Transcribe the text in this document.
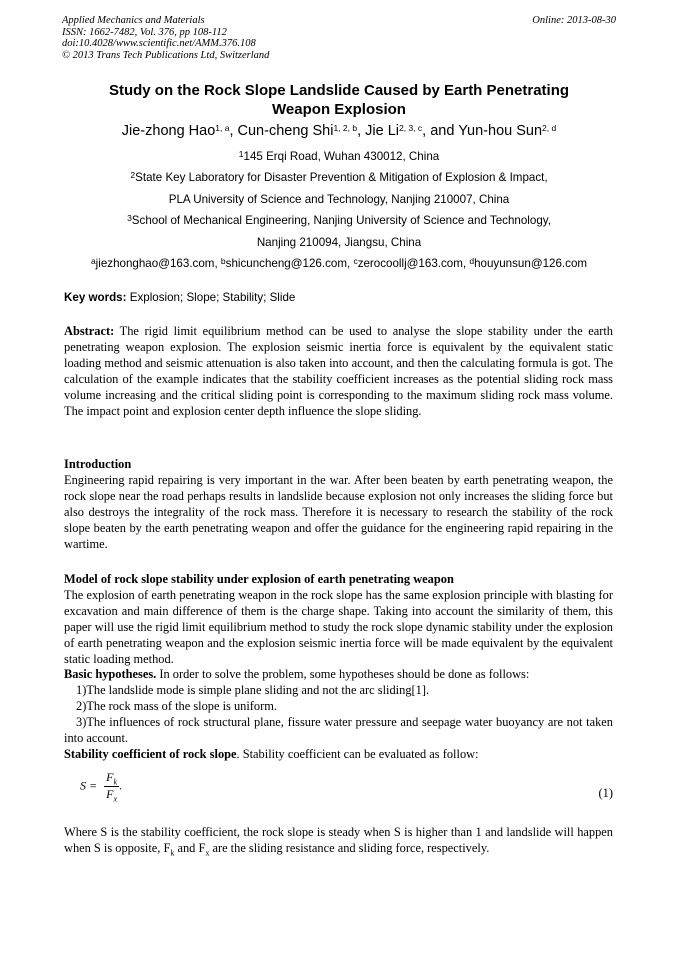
Applied Mechanics and Materials
ISSN: 1662-7482, Vol. 376, pp 108-112
doi:10.4028/www.scientific.net/AMM.376.108
© 2013 Trans Tech Publications Ltd, Switzerland
Online: 2013-08-30
Study on the Rock Slope Landslide Caused by Earth Penetrating Weapon Explosion
Jie-zhong Hao$^{1, a}$, Cun-cheng Shi$^{1, 2, b}$, Jie Li$^{2, 3, c}$, and Yun-hou Sun$^{2, d}$
$^1$145 Erqi Road, Wuhan 430012, China
$^2$State Key Laboratory for Disaster Prevention & Mitigation of Explosion & Impact,
PLA University of Science and Technology, Nanjing 210007, China
$^3$School of Mechanical Engineering, Nanjing University of Science and Technology,
Nanjing 210094, Jiangsu, China
$^a$jiezhonghao@163.com, $^b$shicuncheng@126.com, $^c$zerocoollj@163.com, $^d$houyunsun@126.com
Key words: Explosion; Slope; Stability; Slide
Abstract: The rigid limit equilibrium method can be used to analyse the slope stability under the earth penetrating weapon explosion. The explosion seismic inertia force is equivalent by the equivalent static loading method and seismic attenuation is also taken into account, and then the calculating formula is got. The calculation of the example indicates that the stability coefficient increases as the potential sliding rock mass volume increasing and the critical sliding point is corresponding to the maximum sliding rock mass volume. The impact point and explosion center depth influence the slope sliding.
Introduction
Engineering rapid repairing is very important in the war. After been beaten by earth penetrating weapon, the rock slope near the road perhaps results in landslide because explosion not only increases the sliding force but also destroys the integrality of the rock mass. Therefore it is necessary to research the stability of the rock slope beaten by the earth penetrating weapon and offer the guidance for the engineering rapid repairing in the wartime.
Model of rock slope stability under explosion of earth penetrating weapon
The explosion of earth penetrating weapon in the rock slope has the same explosion principle with blasting for excavation and main difference of them is the charge shape. Taking into account the similarity of them, this paper will use the rigid limit equilibrium method to study the rock slope dynamic stability under the explosion of earth penetrating weapon and the explosion seismic inertia force will be made equivalent by the equivalent static loading method.
Basic hypotheses. In order to solve the problem, some hypotheses should be done as follows:
1)The landslide mode is simple plane sliding and not the arc sliding[1].
2)The rock mass of the slope is uniform.
3)The influences of rock structural plane, fissure water pressure and seepage water buoyancy are not taken into account.
Stability coefficient of rock slope. Stability coefficient can be evaluated as follow:
$S = \frac{F_k}{F_x}$ .
(1)
Where S is the stability coefficient, the rock slope is steady when S is higher than 1 and landslide will happen when S is opposite, $F_k$ and $F_x$ are the sliding resistance and sliding force, respectively.
